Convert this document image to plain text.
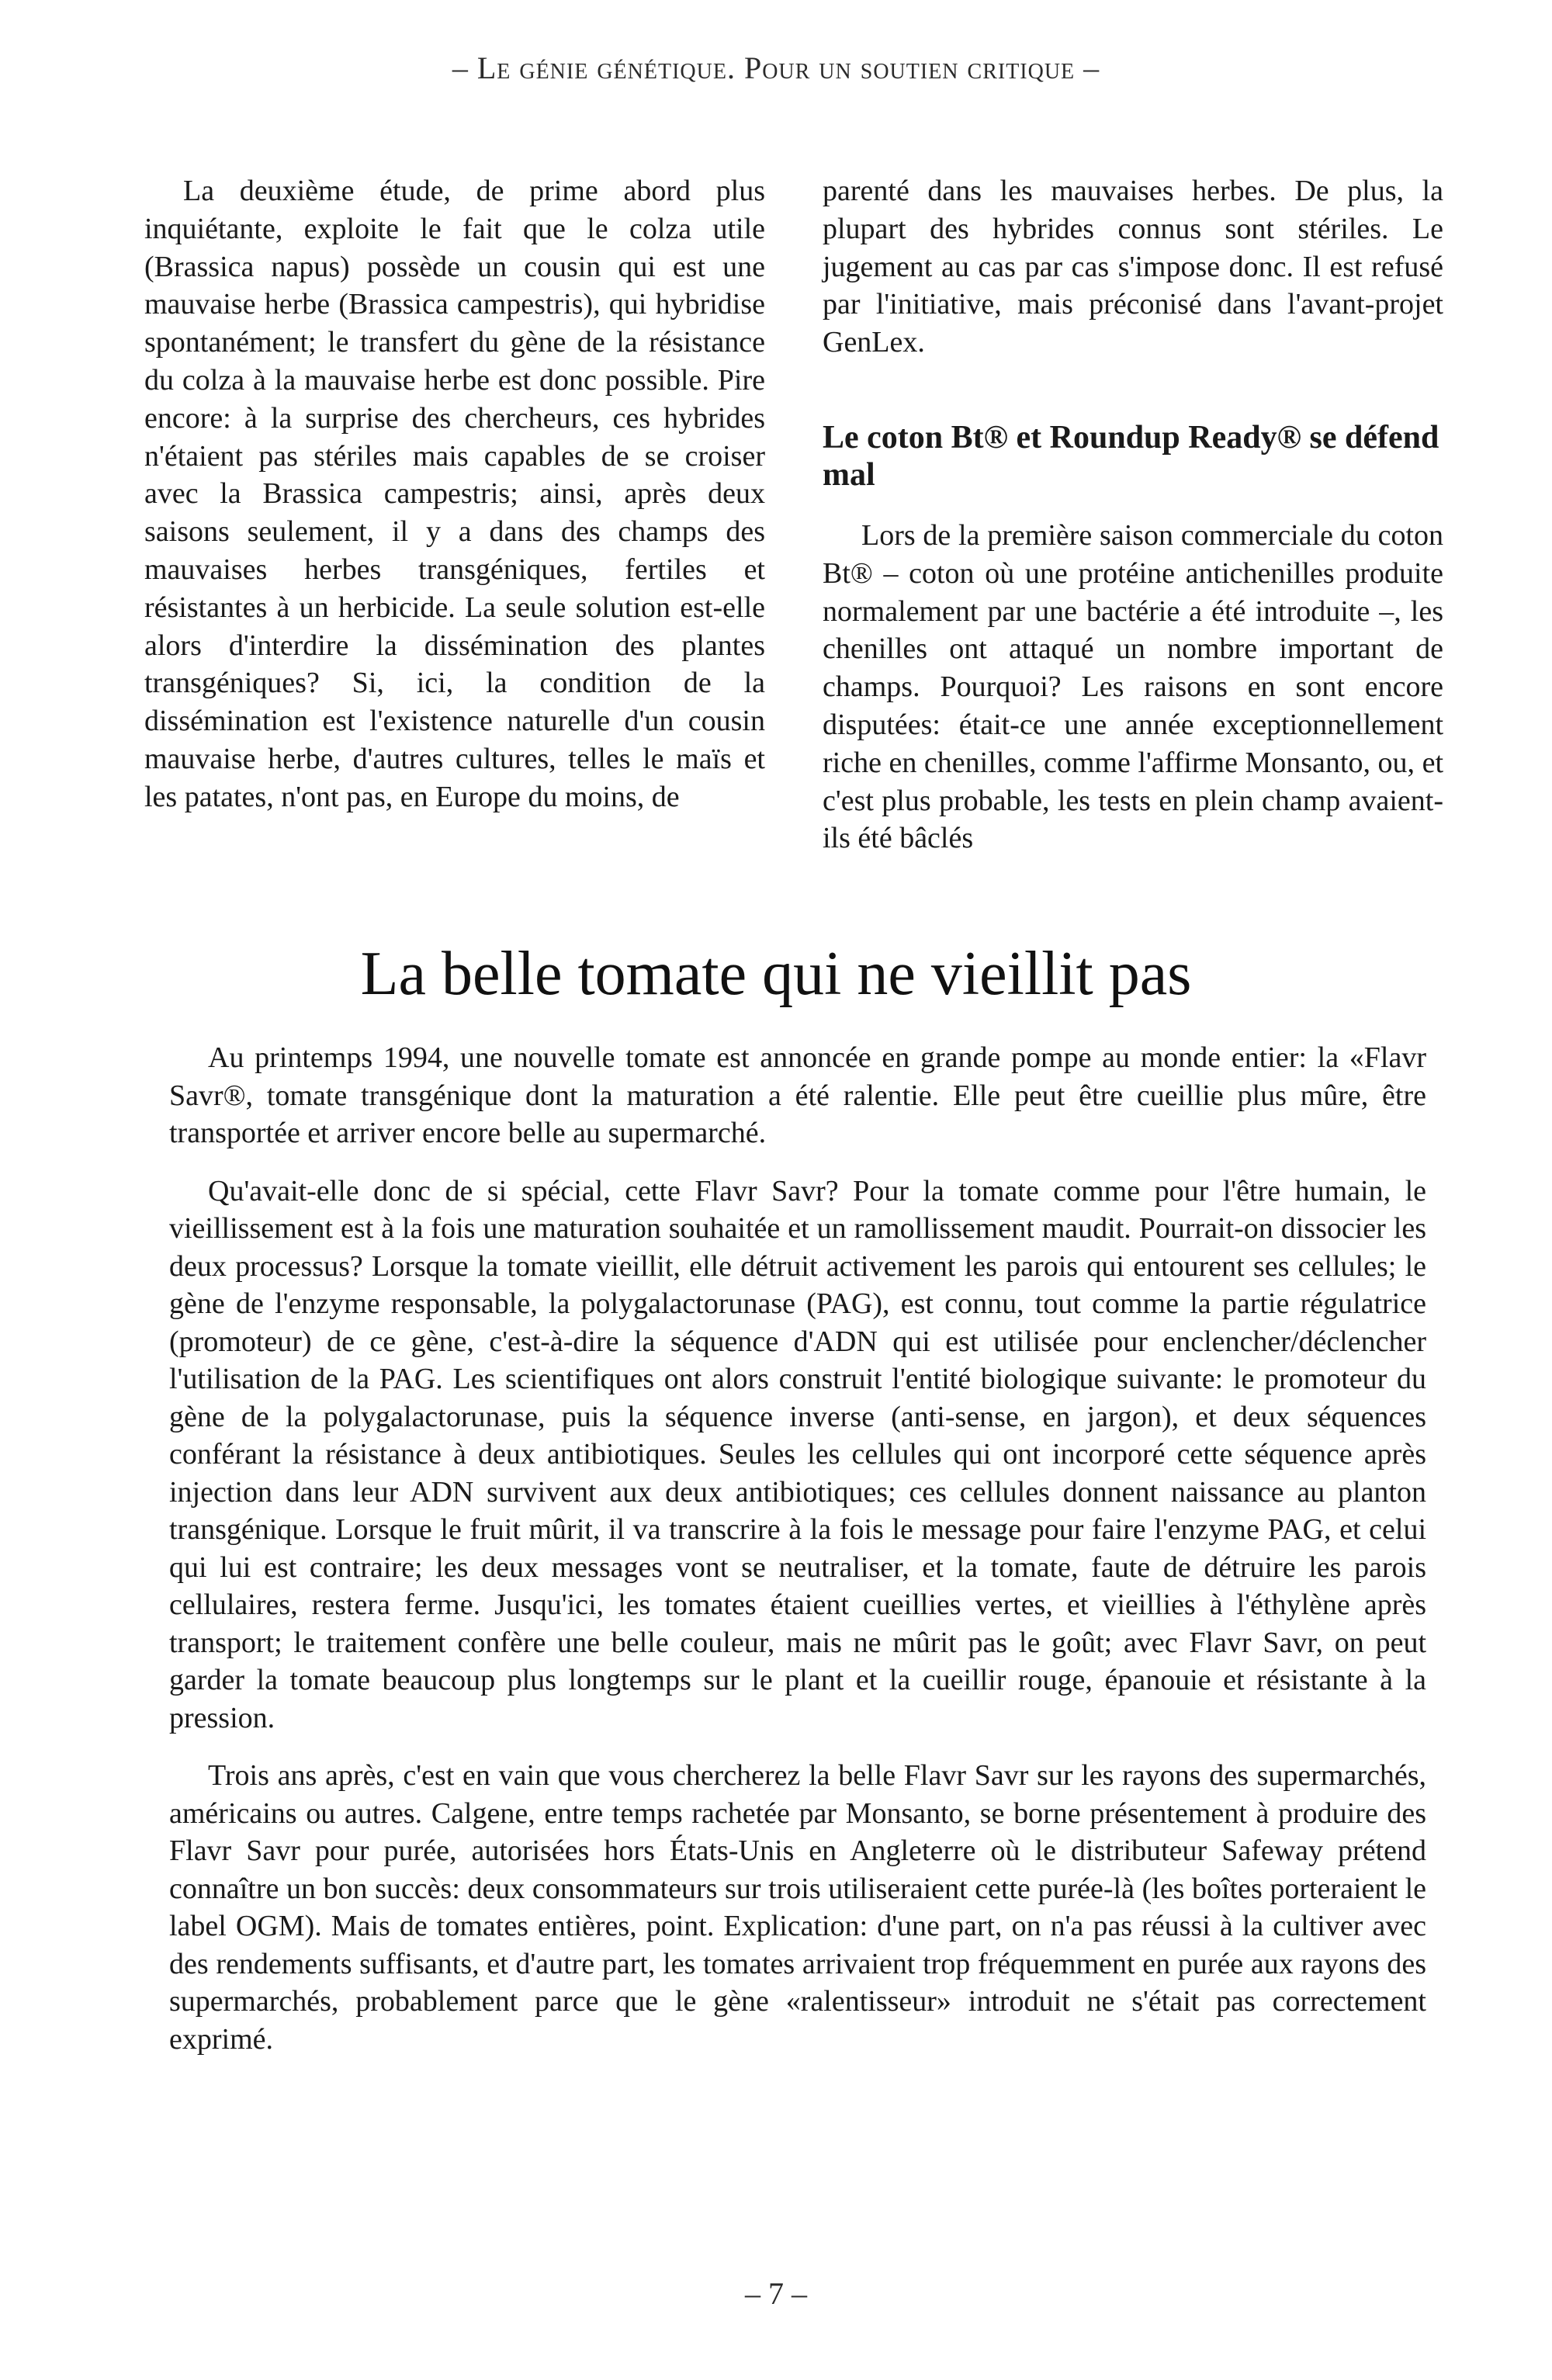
– Le génie génétique. Pour un soutien critique –

La deuxième étude, de prime abord plus inquiétante, exploite le fait que le colza utile (Brassica napus) possède un cousin qui est une mauvaise herbe (Brassica campestris), qui hybridise spontanément; le transfert du gène de la résistance du colza à la mauvaise herbe est donc possible. Pire encore: à la surprise des chercheurs, ces hybrides n'étaient pas stériles mais capables de se croiser avec la Brassica campestris; ainsi, après deux saisons seulement, il y a dans des champs des mauvaises herbes transgéniques, fertiles et résistantes à un herbicide. La seule solution est-elle alors d'interdire la dissémination des plantes transgéniques? Si, ici, la condition de la dissémination est l'existence naturelle d'un cousin mauvaise herbe, d'autres cultures, telles le maïs et les patates, n'ont pas, en Europe du moins, de

parenté dans les mauvaises herbes. De plus, la plupart des hybrides connus sont stériles. Le jugement au cas par cas s'impose donc. Il est refusé par l'initiative, mais préconisé dans l'avant-projet GenLex.

Le coton Bt® et Roundup Ready® se défend mal

Lors de la première saison commerciale du coton Bt® – coton où une protéine antichenilles produite normalement par une bactérie a été introduite –, les chenilles ont attaqué un nombre important de champs. Pourquoi? Les raisons en sont encore disputées: était-ce une année exceptionnellement riche en chenilles, comme l'affirme Monsanto, ou, et c'est plus probable, les tests en plein champ avaient-ils été bâclés

La belle tomate qui ne vieillit pas

Au printemps 1994, une nouvelle tomate est annoncée en grande pompe au monde entier: la «Flavr Savr®, tomate transgénique dont la maturation a été ralentie. Elle peut être cueillie plus mûre, être transportée et arriver encore belle au supermarché.

Qu'avait-elle donc de si spécial, cette Flavr Savr? Pour la tomate comme pour l'être humain, le vieillissement est à la fois une maturation souhaitée et un ramollissement maudit. Pourrait-on dissocier les deux processus? Lorsque la tomate vieillit, elle détruit activement les parois qui entourent ses cellules; le gène de l'enzyme responsable, la polygalactorunase (PAG), est connu, tout comme la partie régulatrice (promoteur) de ce gène, c'est-à-dire la séquence d'ADN qui est utilisée pour enclencher/déclencher l'utilisation de la PAG. Les scientifiques ont alors construit l'entité biologique suivante: le promoteur du gène de la polygalactorunase, puis la séquence inverse (anti-sense, en jargon), et deux séquences conférant la résistance à deux antibiotiques. Seules les cellules qui ont incorporé cette séquence après injection dans leur ADN survivent aux deux antibiotiques; ces cellules donnent naissance au planton transgénique. Lorsque le fruit mûrit, il va transcrire à la fois le message pour faire l'enzyme PAG, et celui qui lui est contraire; les deux messages vont se neutraliser, et la tomate, faute de détruire les parois cellulaires, restera ferme. Jusqu'ici, les tomates étaient cueillies vertes, et vieillies à l'éthylène après transport; le traitement confère une belle couleur, mais ne mûrit pas le goût; avec Flavr Savr, on peut garder la tomate beaucoup plus longtemps sur le plant et la cueillir rouge, épanouie et résistante à la pression.

Trois ans après, c'est en vain que vous chercherez la belle Flavr Savr sur les rayons des supermarchés, américains ou autres. Calgene, entre temps rachetée par Monsanto, se borne présentement à produire des Flavr Savr pour purée, autorisées hors États-Unis en Angleterre où le distributeur Safeway prétend connaître un bon succès: deux consommateurs sur trois utiliseraient cette purée-là (les boîtes porteraient le label OGM). Mais de tomates entières, point. Explication: d'une part, on n'a pas réussi à la cultiver avec des rendements suffisants, et d'autre part, les tomates arrivaient trop fréquemment en purée aux rayons des supermarchés, probablement parce que le gène «ralentisseur» introduit ne s'était pas correctement exprimé.

– 7 –
